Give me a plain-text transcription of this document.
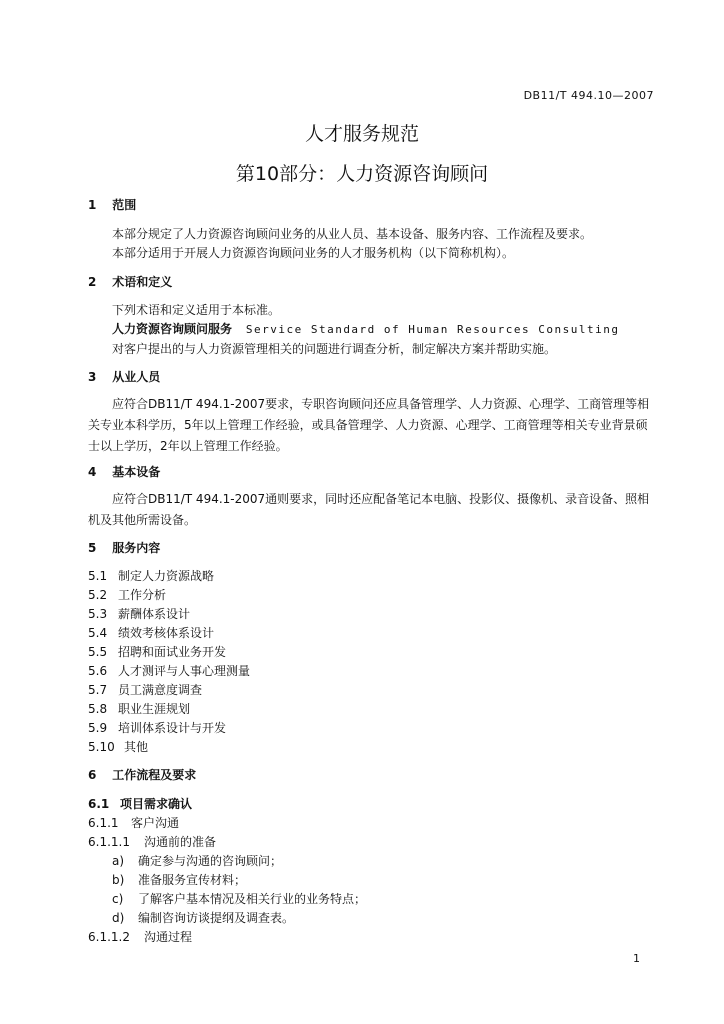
DB11/T 494.10—2007
人才服务规范
第10部分：人力资源咨询顾问
1 范围
本部分规定了人力资源咨询顾问业务的从业人员、基本设备、服务内容、工作流程及要求。
本部分适用于开展人力资源咨询顾问业务的人才服务机构（以下简称机构）。
2 术语和定义
下列术语和定义适用于本标准。
人力资源咨询顾问服务 Service Standard of Human Resources Consulting
对客户提出的与人力资源管理相关的问题进行调查分析，制定解决方案并帮助实施。
3 从业人员
应符合DB11/T 494.1-2007要求，专职咨询顾问还应具备管理学、人力资源、心理学、工商管理等相关专业本科学历，5年以上管理工作经验，或具备管理学、人力资源、心理学、工商管理等相关专业背景硕士以上学历，2年以上管理工作经验。
4 基本设备
应符合DB11/T 494.1-2007通则要求，同时还应配备笔记本电脑、投影仪、摄像机、录音设备、照相机及其他所需设备。
5 服务内容
5.1 制定人力资源战略
5.2 工作分析
5.3 薪酬体系设计
5.4 绩效考核体系设计
5.5 招聘和面试业务开发
5.6 人才测评与人事心理测量
5.7 员工满意度调查
5.8 职业生涯规划
5.9 培训体系设计与开发
5.10 其他
6 工作流程及要求
6.1 项目需求确认
6.1.1 客户沟通
6.1.1.1 沟通前的准备
a) 确定参与沟通的咨询顾问；
b) 准备服务宣传材料；
c) 了解客户基本情况及相关行业的业务特点；
d) 编制咨询访谈提纲及调查表。
6.1.1.2 沟通过程
1
